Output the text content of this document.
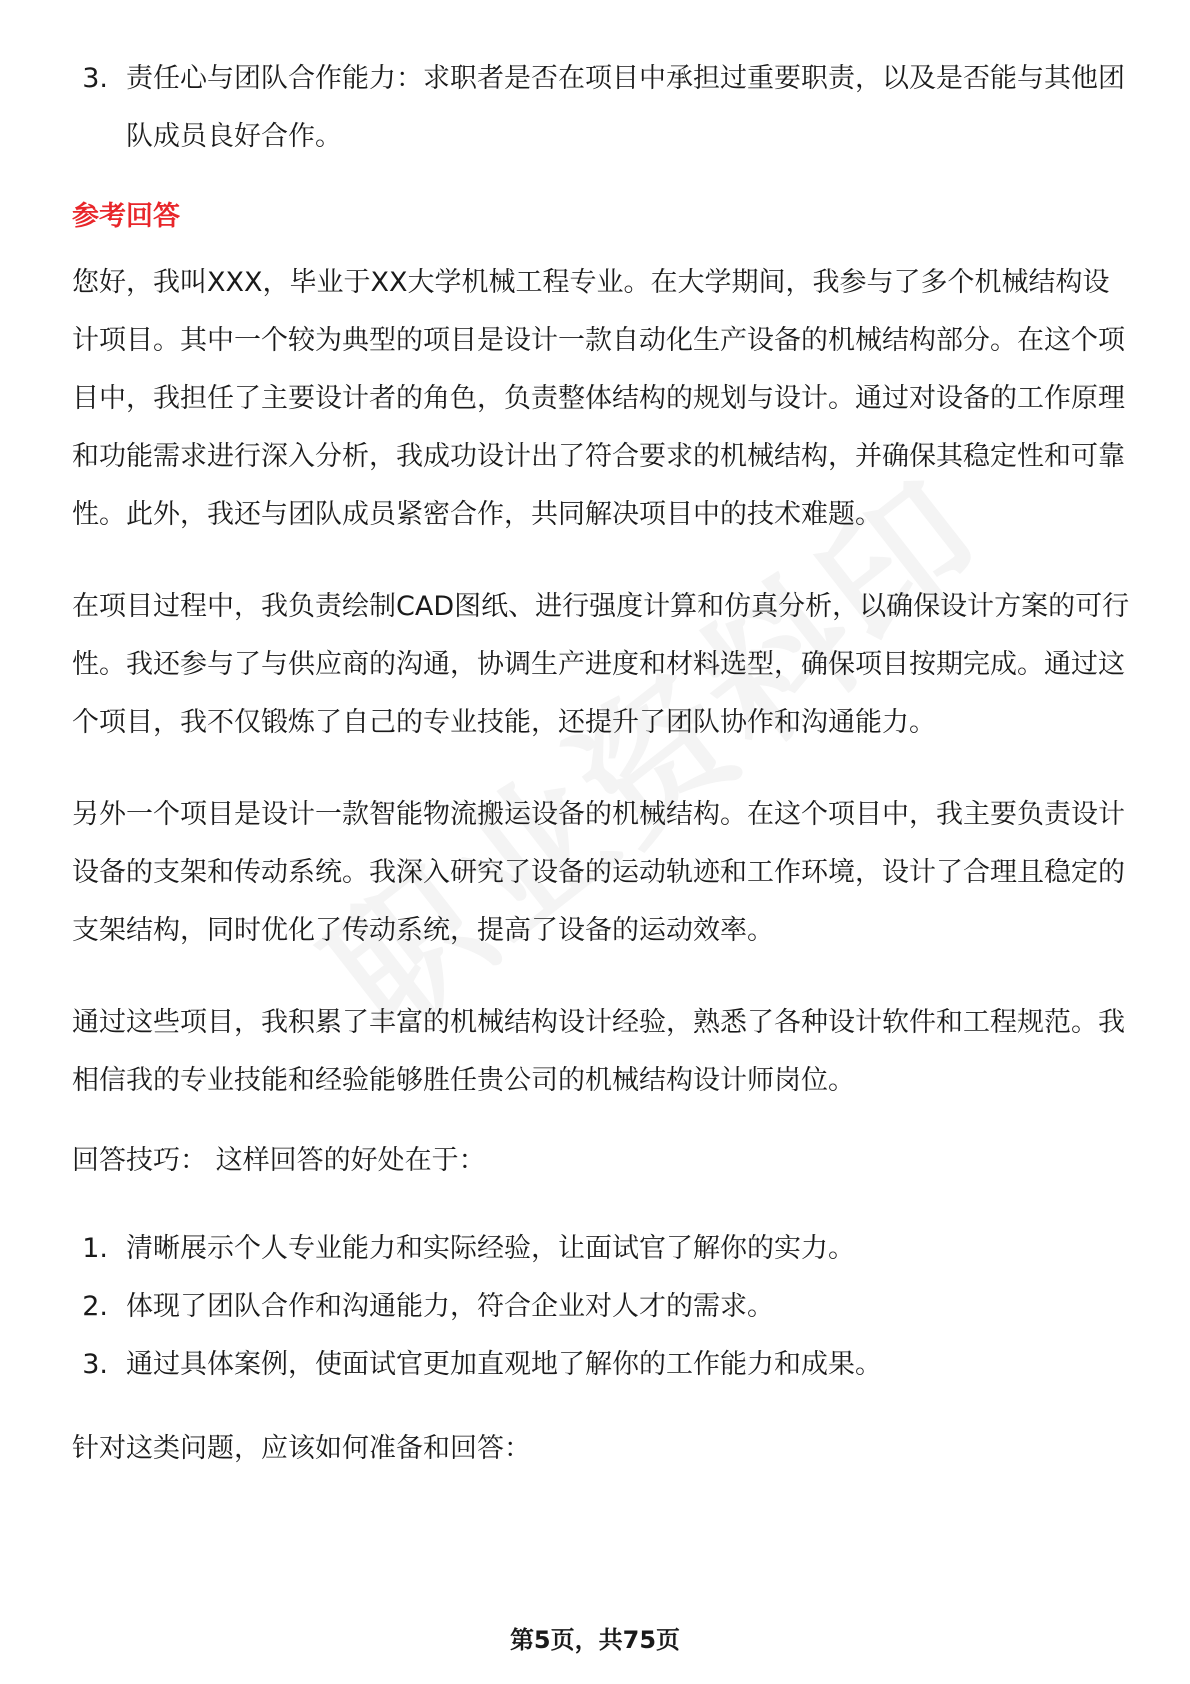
3. 责任心与团队合作能力：求职者是否在项目中承担过重要职责，以及是否能与其他团队成员良好合作。
参考回答

您好，我叫XXX，毕业于XX大学机械工程专业。在大学期间，我参与了多个机械结构设计项目。其中一个较为典型的项目是设计一款自动化生产设备的机械结构部分。在这个项目中，我担任了主要设计者的角色，负责整体结构的规划与设计。通过对设备的工作原理和功能需求进行深入分析，我成功设计出了符合要求的机械结构，并确保其稳定性和可靠性。此外，我还与团队成员紧密合作，共同解决项目中的技术难题。

在项目过程中，我负责绘制CAD图纸、进行强度计算和仿真分析，以确保设计方案的可行性。我还参与了与供应商的沟通，协调生产进度和材料选型，确保项目按期完成。通过这个项目，我不仅锻炼了自己的专业技能，还提升了团队协作和沟通能力。

另外一个项目是设计一款智能物流搬运设备的机械结构。在这个项目中，我主要负责设计设备的支架和传动系统。我深入研究了设备的运动轨迹和工作环境，设计了合理且稳定的支架结构，同时优化了传动系统，提高了设备的运动效率。

通过这些项目，我积累了丰富的机械结构设计经验，熟悉了各种设计软件和工程规范。我相信我的专业技能和经验能够胜任贵公司的机械结构设计师岗位。

回答技巧： 这样回答的好处在于：

1. 清晰展示个人专业能力和实际经验，让面试官了解你的实力。
2. 体现了团队合作和沟通能力，符合企业对人才的需求。
3. 通过具体案例，使面试官更加直观地了解你的工作能力和成果。

针对这类问题，应该如何准备和回答：

第5页，共75页
